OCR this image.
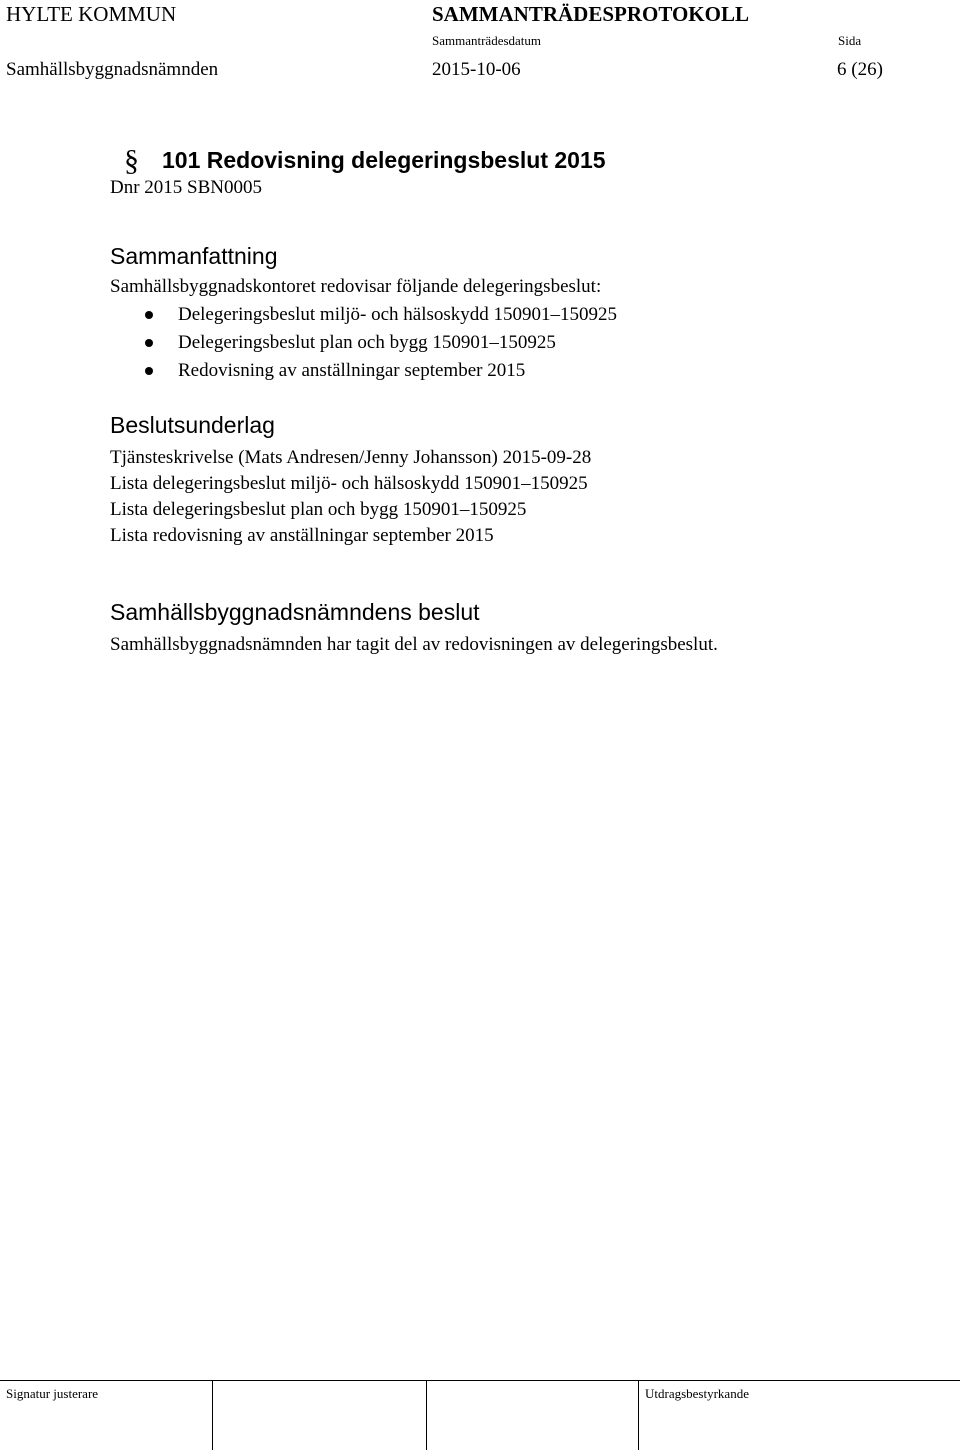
HYLTE KOMMUN	SAMMANTRÄDESPROTOKOLL
Sammanträdesdatum	Sida
Samhällsbyggnadsnämnden	2015-10-06	6 (26)
§ 101 Redovisning delegeringsbeslut 2015
Dnr 2015 SBN0005
Sammanfattning
Samhällsbyggnadskontoret redovisar följande delegeringsbeslut:
Delegeringsbeslut miljö- och hälsoskydd 150901–150925
Delegeringsbeslut plan och bygg 150901–150925
Redovisning av anställningar september 2015
Beslutsunderlag
Tjänsteskrivelse (Mats Andresen/Jenny Johansson) 2015-09-28
Lista delegeringsbeslut miljö- och hälsoskydd 150901–150925
Lista delegeringsbeslut plan och bygg 150901–150925
Lista redovisning av anställningar september 2015
Samhällsbyggnadsnämndens beslut
Samhällsbyggnadsnämnden har tagit del av redovisningen av delegeringsbeslut.
Signatur justerare	Utdragsbestyrkande
